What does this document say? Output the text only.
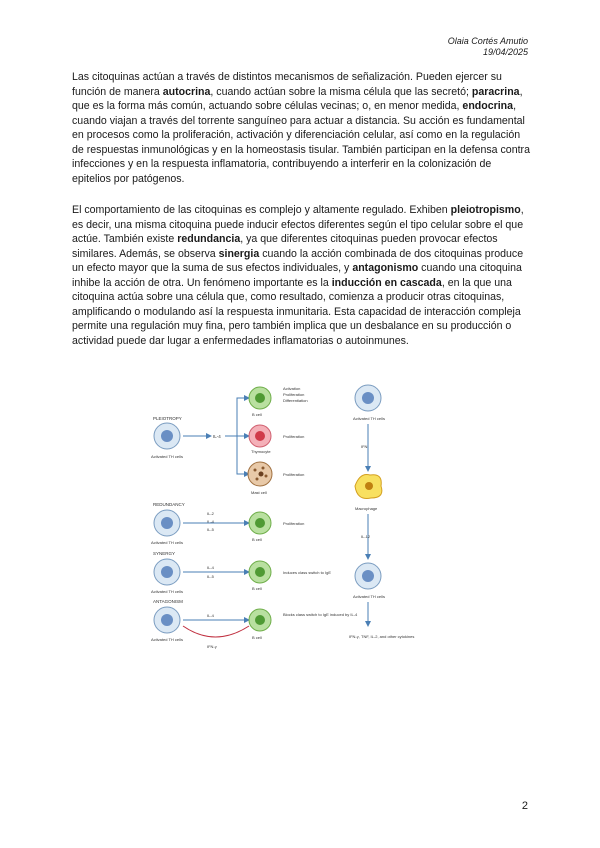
Olaia Cortés Amutio
19/04/2025

Las citoquinas actúan a través de distintos mecanismos de señalización. Pueden ejercer su función de manera autocrina, cuando actúan sobre la misma célula que las secretó; paracrina, que es la forma más común, actuando sobre células vecinas; o, en menor medida, endocrina, cuando viajan a través del torrente sanguíneo para actuar a distancia. Su acción es fundamental en procesos como la proliferación, activación y diferenciación celular, así como en la regulación de respuestas inmunológicas y en la homeostasis tisular. También participan en la defensa contra infecciones y en la respuesta inflamatoria, contribuyendo a interferir en la colonización de epitelios por patógenos.

El comportamiento de las citoquinas es complejo y altamente regulado. Exhiben pleiotropismo, es decir, una misma citoquina puede inducir efectos diferentes según el tipo celular sobre el que actúe. También existe redundancia, ya que diferentes citoquinas pueden provocar efectos similares. Además, se observa sinergia cuando la acción combinada de dos citoquinas produce un efecto mayor que la suma de sus efectos individuales, y antagonismo cuando una citoquina inhibe la acción de otra. Un fenómeno importante es la inducción en cascada, en la que una citoquina actúa sobre una célula que, como resultado, comienza a producir otras citoquinas, amplificando o modulando así la respuesta inmunitaria. Esta capacidad de interacción compleja permite una regulación muy fina, pero también implica que un desbalance en su producción o actividad puede dar lugar a enfermedades inflamatorias o autoinmunes.

PLEIOTROPY
Activated TH cells
IL-4
B cell
Activation
Proliferation
Differentiation
Thymocyte
Proliferation
Mast cell
Proliferation
REDUNDANCY
Activated TH cells
IL-2
IL-4
IL-5
B cell
Proliferation
SYNERGY
Activated TH cells
IL-4
IL-5
B cell
Induces class switch to IgE
ANTAGONISM
Activated TH cells
IL-4
IFN-γ
B cell
Blocks class switch to IgE induced by IL-4
Activated TH cells
IFN
Macrophage
IL-12
Activated TH cells
IFN-γ, TNF, IL-2, and other cytokines
2
